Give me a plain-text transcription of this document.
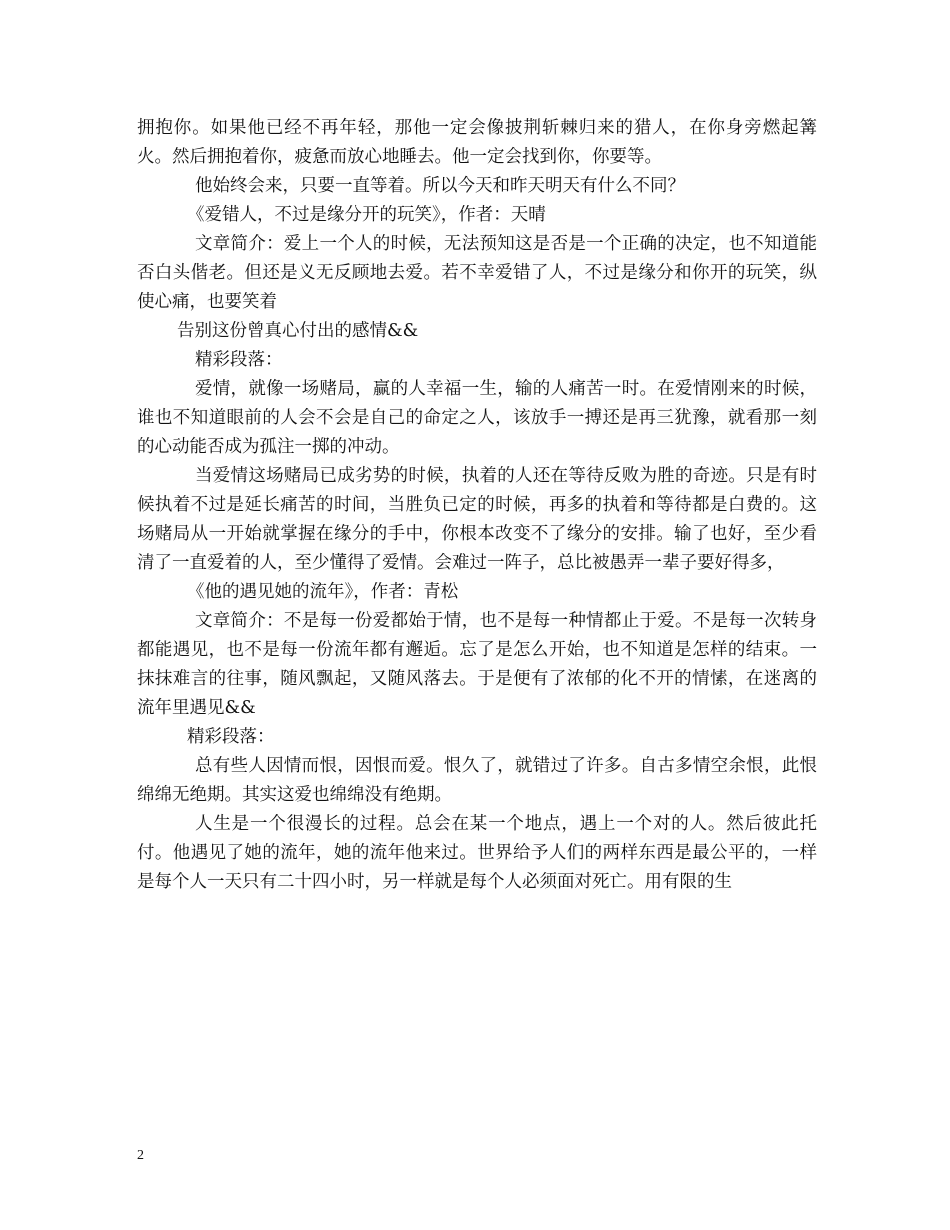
拥抱你。如果他已经不再年轻，那他一定会像披荆斩棘归来的猎人，在你身旁燃起篝火。然后拥抱着你，疲惫而放心地睡去。他一定会找到你，你要等。

他始终会来，只要一直等着。所以今天和昨天明天有什么不同？

《爱错人，不过是缘分开的玩笑》，作者：天晴

文章简介：爱上一个人的时候，无法预知这是否是一个正确的决定，也不知道能否白头偕老。但还是义无反顾地去爱。若不幸爱错了人，不过是缘分和你开的玩笑，纵使心痛，也要笑着

告别这份曾真心付出的感情&&

精彩段落：

爱情，就像一场赌局，赢的人幸福一生，输的人痛苦一时。在爱情刚来的时候，谁也不知道眼前的人会不会是自己的命定之人，该放手一搏还是再三犹豫，就看那一刻的心动能否成为孤注一掷的冲动。

当爱情这场赌局已成劣势的时候，执着的人还在等待反败为胜的奇迹。只是有时候执着不过是延长痛苦的时间，当胜负已定的时候，再多的执着和等待都是白费的。这场赌局从一开始就掌握在缘分的手中，你根本改变不了缘分的安排。输了也好，至少看清了一直爱着的人，至少懂得了爱情。会难过一阵子，总比被愚弄一辈子要好得多，

《他的遇见她的流年》，作者：青松

文章简介：不是每一份爱都始于情，也不是每一种情都止于爱。不是每一次转身都能遇见，也不是每一份流年都有邂逅。忘了是怎么开始，也不知道是怎样的结束。一抹抹难言的往事，随风飘起，又随风落去。于是便有了浓郁的化不开的情愫，在迷离的流年里遇见&&

精彩段落：

总有些人因情而恨，因恨而爱。恨久了，就错过了许多。自古多情空余恨，此恨绵绵无绝期。其实这爱也绵绵没有绝期。

人生是一个很漫长的过程。总会在某一个地点，遇上一个对的人。然后彼此托付。他遇见了她的流年，她的流年他来过。世界给予人们的两样东西是最公平的，一样是每个人一天只有二十四小时，另一样就是每个人必须面对死亡。用有限的生

2
